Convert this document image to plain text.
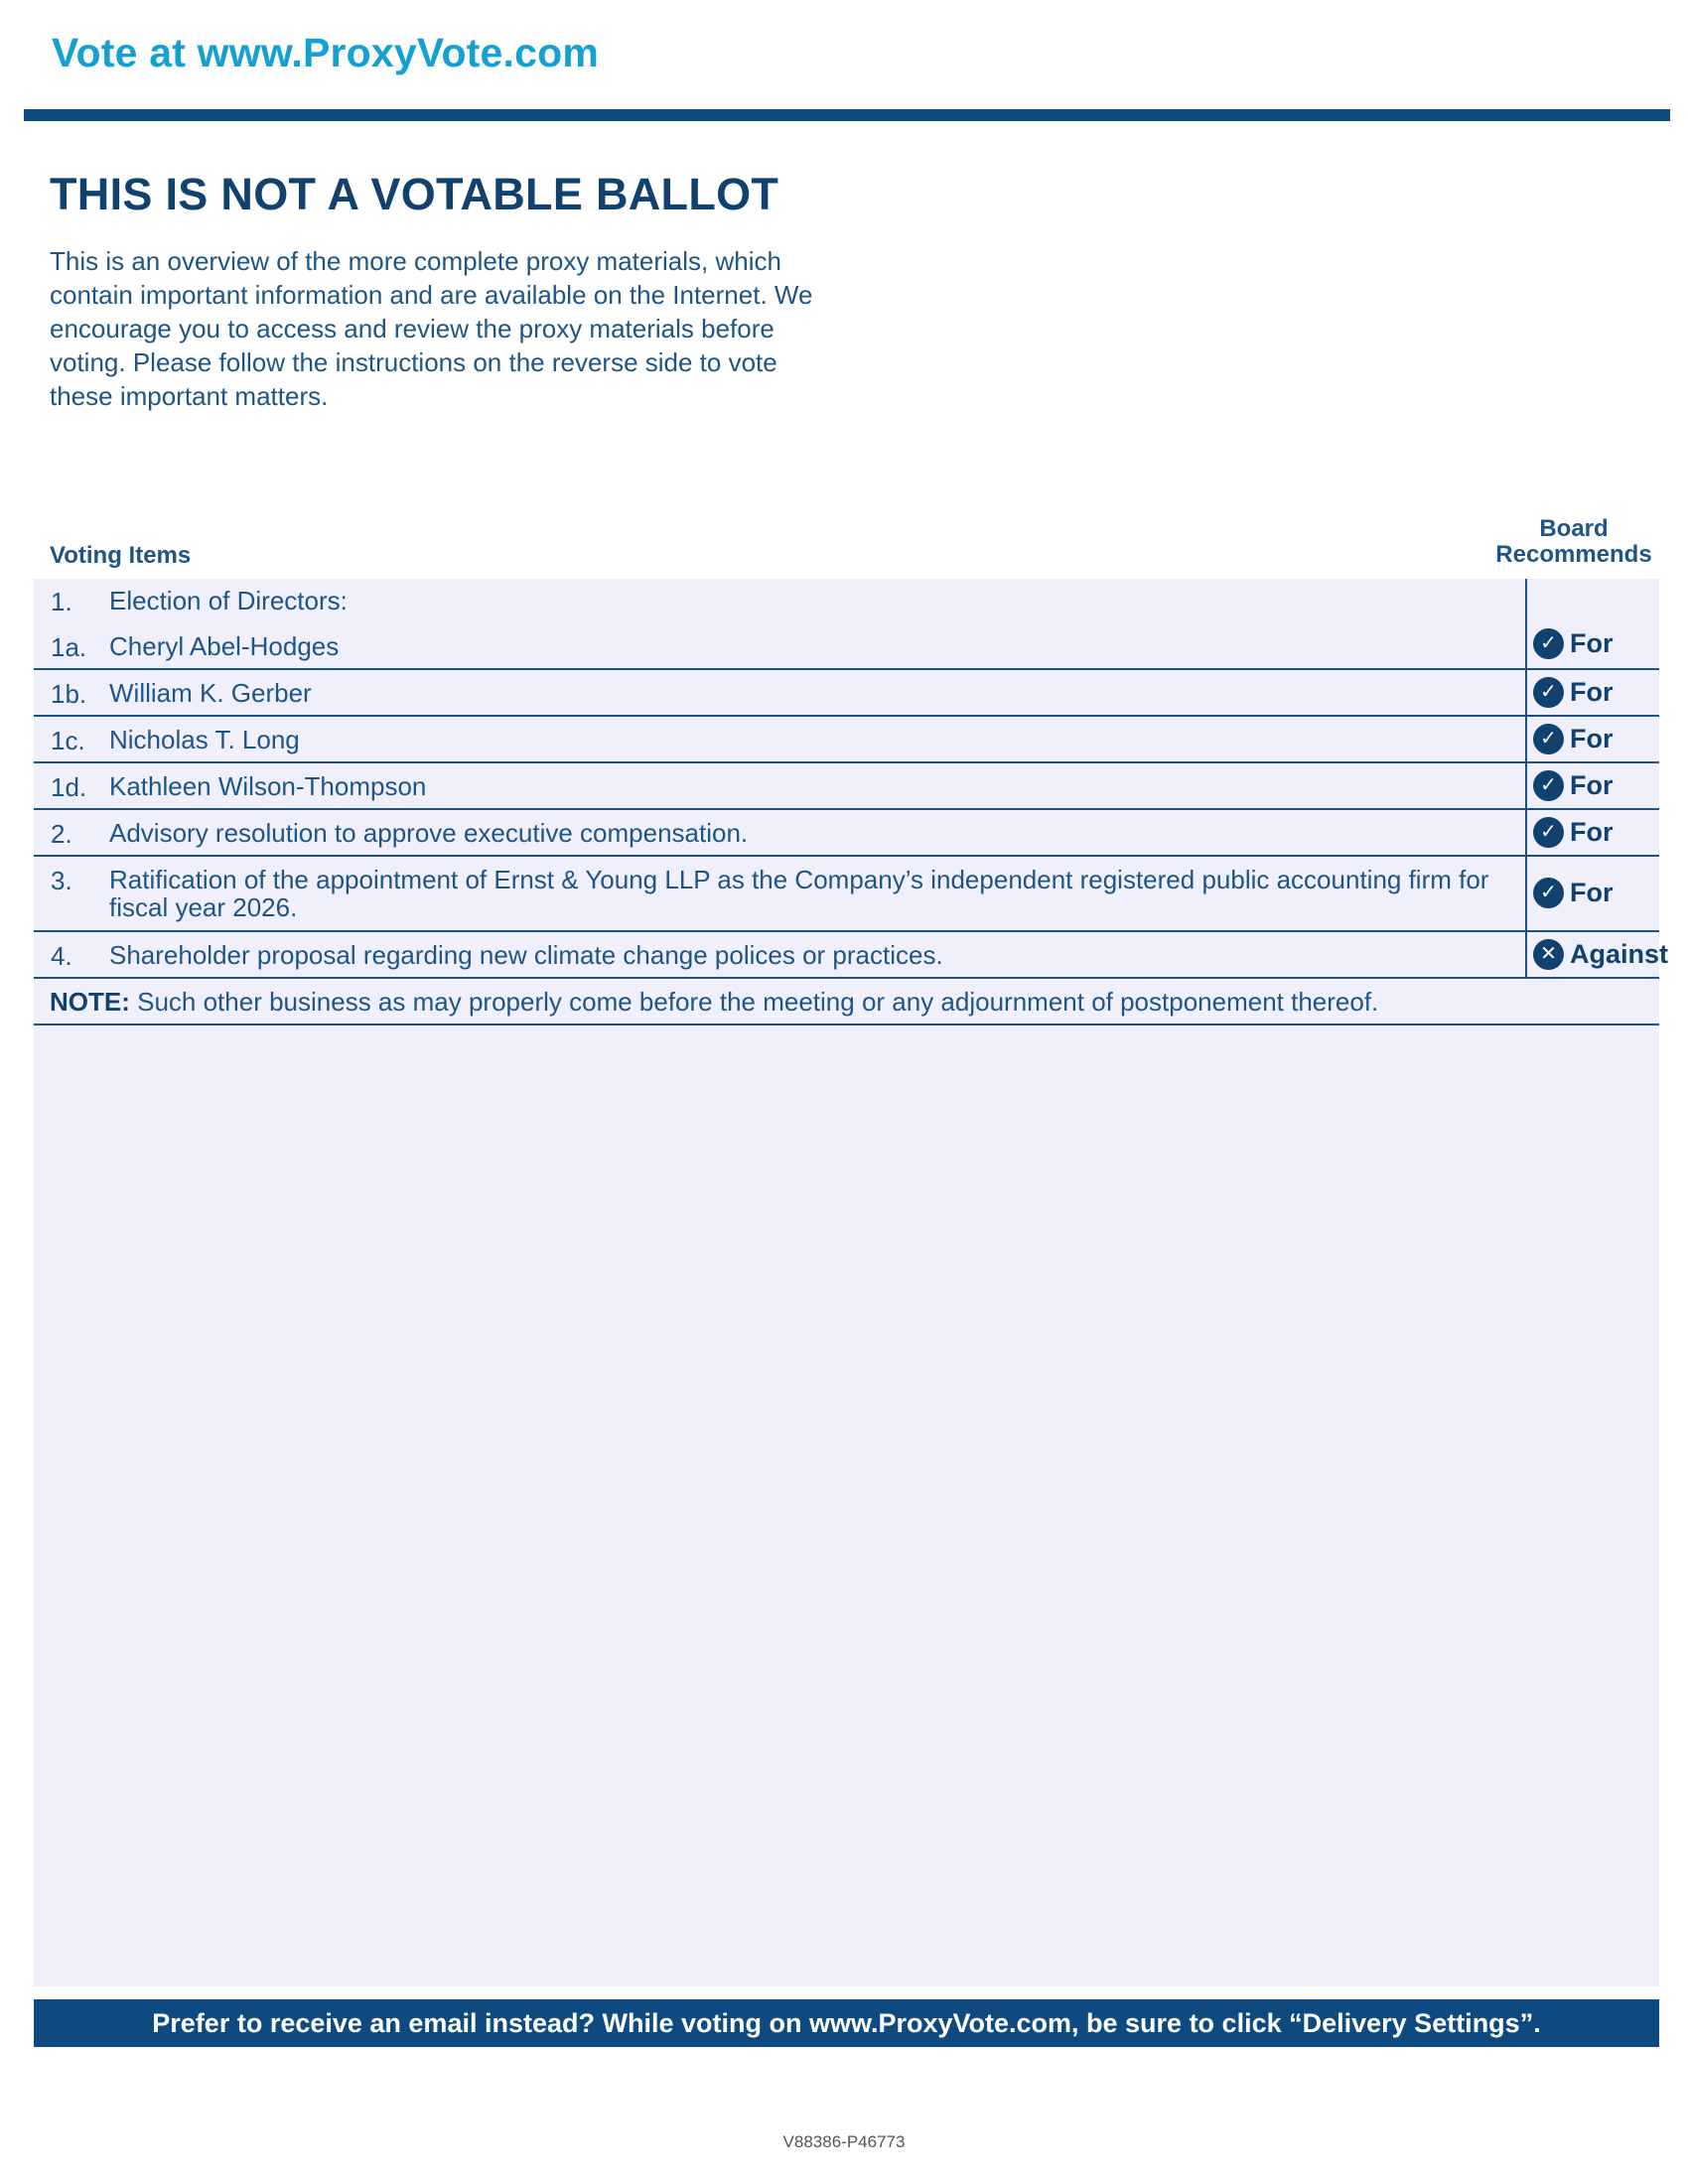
Vote at www.ProxyVote.com
THIS IS NOT A VOTABLE BALLOT
This is an overview of the more complete proxy materials, which contain important information and are available on the Internet. We encourage you to access and review the proxy materials before voting. Please follow the instructions on the reverse side to vote these important matters.
Voting Items
Board
Recommends
1. Election of Directors:
1a. Cheryl Abel-Hodges	✓ For
1b. William K. Gerber	✓ For
1c. Nicholas T. Long	✓ For
1d. Kathleen Wilson-Thompson	✓ For
2. Advisory resolution to approve executive compensation.	✓ For
3. Ratification of the appointment of Ernst & Young LLP as the Company’s independent registered public accounting firm for fiscal year 2026.	✓ For
4. Shareholder proposal regarding new climate change polices or practices.	✕ Against
NOTE: Such other business as may properly come before the meeting or any adjournment of postponement thereof.
Prefer to receive an email instead? While voting on www.ProxyVote.com, be sure to click “Delivery Settings”.
V88386-P46773
